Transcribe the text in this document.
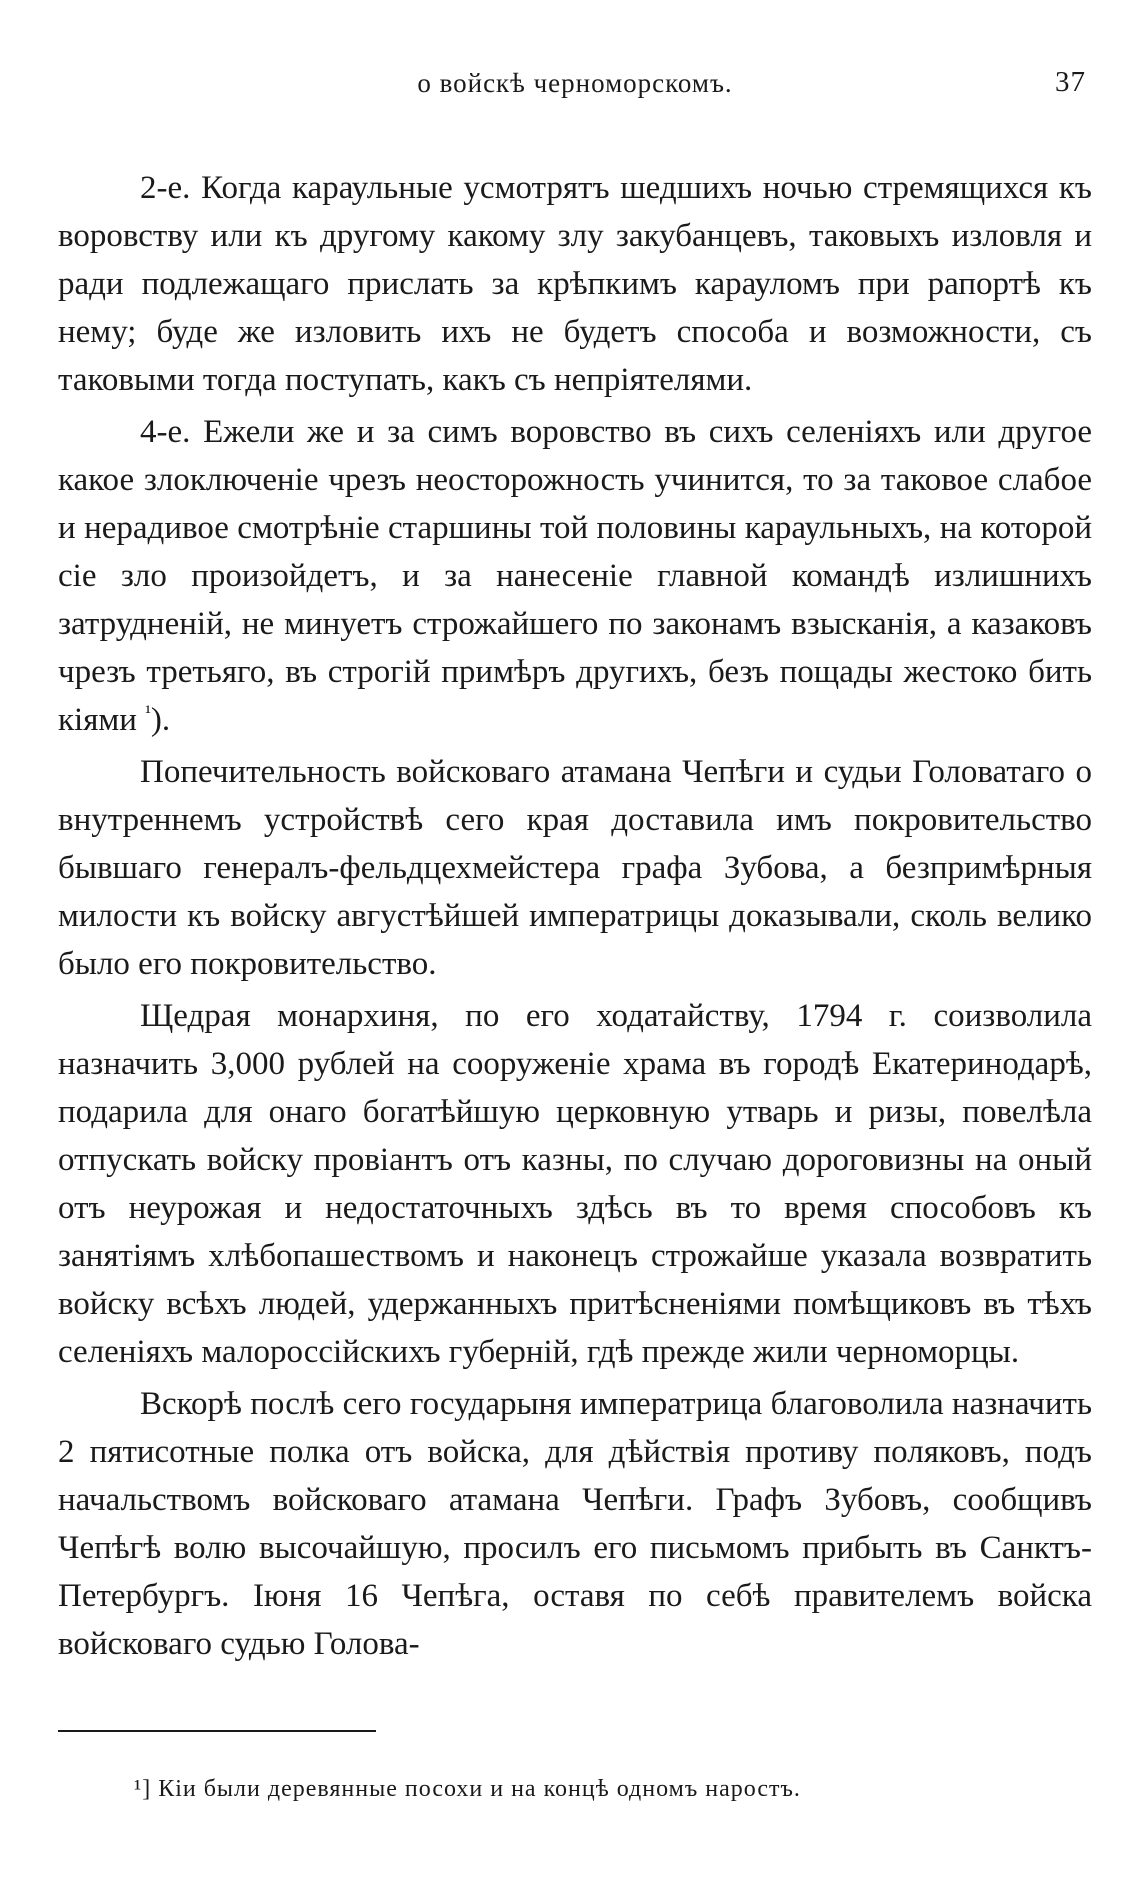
о войскѣ черноморскомъ.	37

2-е. Когда караульные усмотрятъ шедшихъ ночью стремящихся къ воровству или къ другому какому злу закубанцевъ, таковыхъ изловля и ради подлежащаго прислать за крѣпкимъ карауломъ при рапортѣ къ нему; буде же изловить ихъ не будетъ способа и возможности, съ таковыми тогда поступать, какъ съ непріятелями.

4-е. Ежели же и за симъ воровство въ сихъ селеніяхъ или другое какое злоключеніе чрезъ неосторожность учинится, то за таковое слабое и нерадивое смотрѣніе старшины той половины караульныхъ, на которой сіе зло произойдетъ, и за нанесеніе главной командѣ излишнихъ затрудненій, не минуетъ строжайшего по законамъ взысканія, а казаковъ чрезъ третьяго, въ строгій примѣръ другихъ, безъ пощады жестоко бить кіями $^{^1}$).

Попечительность войсковаго атамана Чепѣги и судьи Головатаго о внутреннемъ устройствѣ сего края доставила имъ покровительство бывшаго генералъ-фельдцехмейстера графа Зубова, а безпримѣрныя милости къ войску августѣйшей императрицы доказывали, сколь велико было его покровительство.

Щедрая монархиня, по его ходатайству, 1794 г. соизволила назначить 3,000 рублей на сооруженіе храма въ городѣ Екатеринодарѣ, подарила для онаго богатѣйшую церковную утварь и ризы, повелѣла отпускать войску провіантъ отъ казны, по случаю дороговизны на оный отъ неурожая и недостаточныхъ здѣсь въ то время способовъ къ занятіямъ хлѣбопашествомъ и наконецъ строжайше указала возвратить войску всѣхъ людей, удержанныхъ притѣсненіями помѣщиковъ въ тѣхъ селеніяхъ малороссійскихъ губерній, гдѣ прежде жили черноморцы.

Вскорѣ послѣ сего государыня императрица благоволила назначить 2 пятисотные полка отъ войска, для дѣйствія противу поляковъ, подъ начальствомъ войсковаго атамана Чепѣги. Графъ Зубовъ, сообщивъ Чепѣгѣ волю высочайшую, просилъ его письмомъ прибыть въ Санктъ-Петербургъ. Іюня 16 Чепѣга, оставя по себѣ правителемъ войска войсковаго судью Голова-

¹] Кіи были деревянные посохи и на концѣ одномъ наростъ.
